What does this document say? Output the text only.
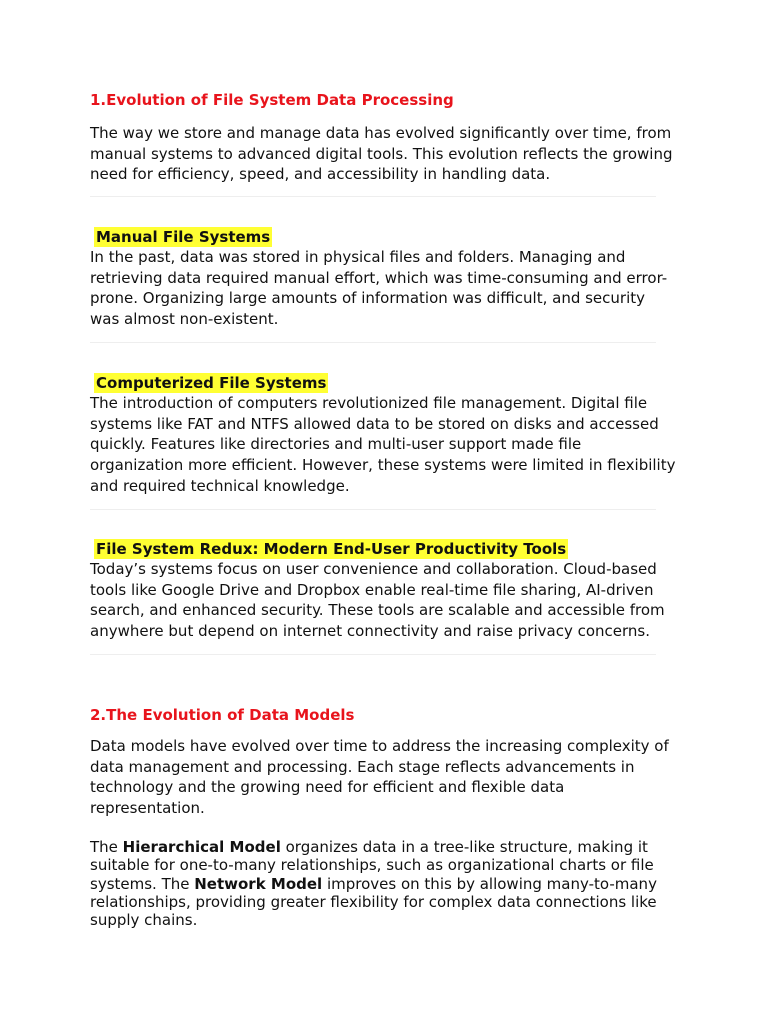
1.Evolution of File System Data Processing

The way we store and manage data has evolved significantly over time, from manual systems to advanced digital tools. This evolution reflects the growing need for efficiency, speed, and accessibility in handling data.

Manual File Systems

In the past, data was stored in physical files and folders. Managing and retrieving data required manual effort, which was time-consuming and error-prone. Organizing large amounts of information was difficult, and security was almost non-existent.

Computerized File Systems

The introduction of computers revolutionized file management. Digital file systems like FAT and NTFS allowed data to be stored on disks and accessed quickly. Features like directories and multi-user support made file organization more efficient. However, these systems were limited in flexibility and required technical knowledge.

File System Redux: Modern End-User Productivity Tools

Today’s systems focus on user convenience and collaboration. Cloud-based tools like Google Drive and Dropbox enable real-time file sharing, AI-driven search, and enhanced security. These tools are scalable and accessible from anywhere but depend on internet connectivity and raise privacy concerns.

2.The Evolution of Data Models

Data models have evolved over time to address the increasing complexity of data management and processing. Each stage reflects advancements in technology and the growing need for efficient and flexible data representation.

The Hierarchical Model organizes data in a tree-like structure, making it suitable for one-to-many relationships, such as organizational charts or file systems. The Network Model improves on this by allowing many-to-many relationships, providing greater flexibility for complex data connections like supply chains.
